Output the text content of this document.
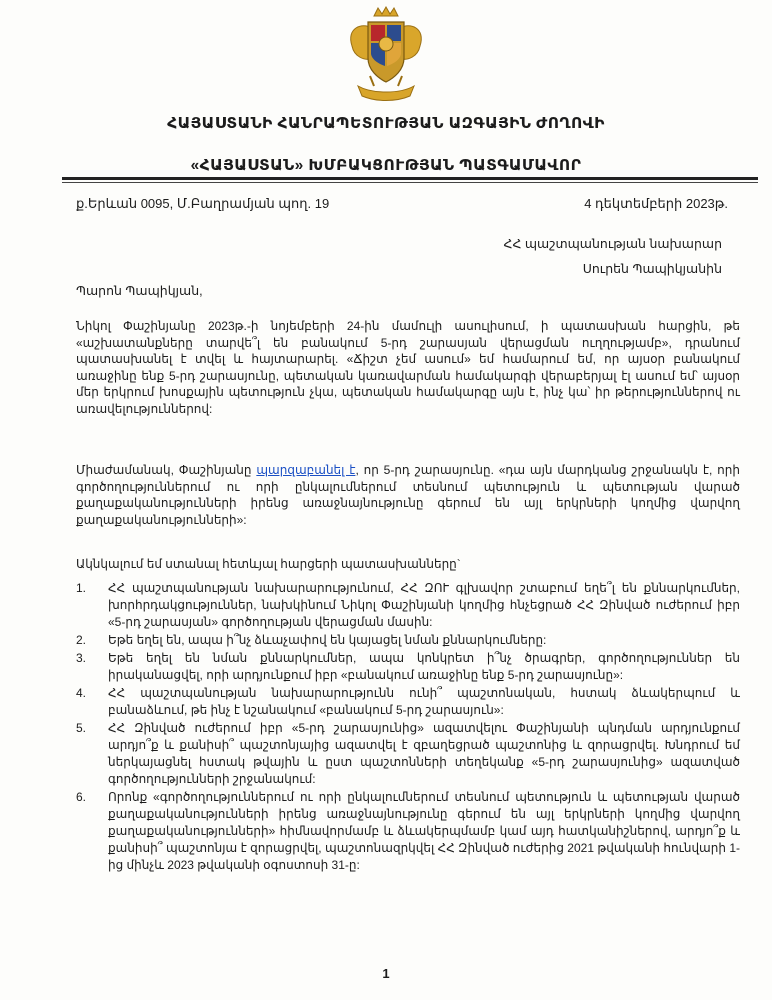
ՀԱՅԱՍՏԱՆԻ ՀԱՆՐԱՊԵՏՈՒԹՅԱՆ ԱԶԳԱՅԻՆ ԺՈՂՈՎԻ
«ՀԱՅԱՍՏԱՆ» ԽՄԲԱԿՑՈՒԹՅԱՆ ՊԱՏԳԱՄԱՎՈՐ
ք.Երևան 0095, Մ.Բաղրամյան պող. 19	4 դեկտեմբերի 2023թ.
ՀՀ պաշտպանության նախարար
Սուրեն Պապիկյանին
Պարոն Պապիկյան,

Նիկոլ Փաշինյանը 2023թ.-ի նոյեմբերի 24-ին մամուլի ասուլիսում, ի պատասխան հարցին, թե «աշխատանքները տարվե՞լ են բանակում 5-րդ շարասյան վերացման ուղղությամբ», դրանում պատասխանել է տվել և հայտարարել. «Ճիշտ ‎չ‎‎եմ ‎‎ասում» ‎‎եմ ‎‎համարում ‎‎եմ, որ ‎‎այսօր ‎‎բանակում ‎‎առաջինը ‎‎ենք ‎‎5-րդ ‎‎շարասյունը, ‎‎պետական ‎‎կառավարման ‎‎համակարգի ‎‎վերաբերյալ ‎‎էլ ‎‎ասում ‎‎եմ՝ ‎‎այսօր ‎‎մեր ‎‎երկրում ‎‎խոսքային ‎‎պետություն ‎‎չկա, ‎‎պետական ‎‎համակարգը ‎‎այն ‎‎է, ‎‎ինչ ‎‎կա՝ ‎‎իր ‎‎թերություններով ‎‎ու ‎‎առավելություններով:

Միաժամանակ, Փաշինյանը պարզաբանել է, որ 5-րդ շարասյունը. «դա այն մարդկանց շրջանակն է, որի գործողություններում ու որի ընկալումներում տեսնում պետություն և պետության վարած քաղաքականությունների իրենց առաջնայնությունը գերում են այլ երկրների կողմից վարվող քաղաքականությունների»:

Ակնկալում եմ ստանալ հետևյալ հարցերի պատասխանները`

1.	ՀՀ պաշտպանության նախարարությունում, ՀՀ ԶՈՒ գլխավոր շտաբում եղե՞լ են քննարկումներ, խորհրդակցություններ, նախկինում Նիկոլ Փաշինյանի կողմից հնչեցրած ՀՀ Զինված ուժերում իբր «5-րդ շարասյան» գործողության վերացման մասին:
2.	Եթե եղել են, ապա ի՞նչ ձևաչափով են կայացել նման քննարկումները:
3.	Եթե եղել են նման քննարկումներ, ապա կոնկրետ ի՞նչ ծրագրեր, գործողություններ են իրականացվել, որի արդյունքում իբր «բանակում առաջինը ենք 5-րդ շարասյունը»:
4.	ՀՀ պաշտպանության նախարարությունն ունի՞ պաշտոնական, հստակ ձևակերպում և բանաձևում, թե ինչ է նշանակում «բանակում 5-րդ շարասյուն»:
5.	ՀՀ Զինված ուժերում իբր «5-րդ շարասյունից» ազատվելու Փաշինյանի պնդման արդյունքում արդյո՞ք և քանիսի՞ պաշտոնյայից ազատվել է զբաղեցրած պաշտոնից և զորացրվել. Խնդրում եմ ներկայացնել հստակ թվային և ըստ պաշտոնների տեղեկանք «5-րդ շարասյունից» ազատված գործողությունների շրջանակում:
6.	Որոնք «գործողություններում ու որի ընկալումներում տեսնում պետություն և պետության վարած քաղաքականությունների իրենց առաջնայնությունը գերում են այլ երկրների կողմից վարվող քաղաքականությունների» հիմնավորմամբ և ձևակերպմամբ կամ այդ հատկանիշներով, արդյո՞ք և քանիսի՞ պաշտոնյա է զորացրվել, պաշտոնազրկվել ՀՀ Զինված ուժերից 2021 թվականի հունվարի 1-ից մինչև 2023 թվականի օգոստոսի 31-ը:
1
